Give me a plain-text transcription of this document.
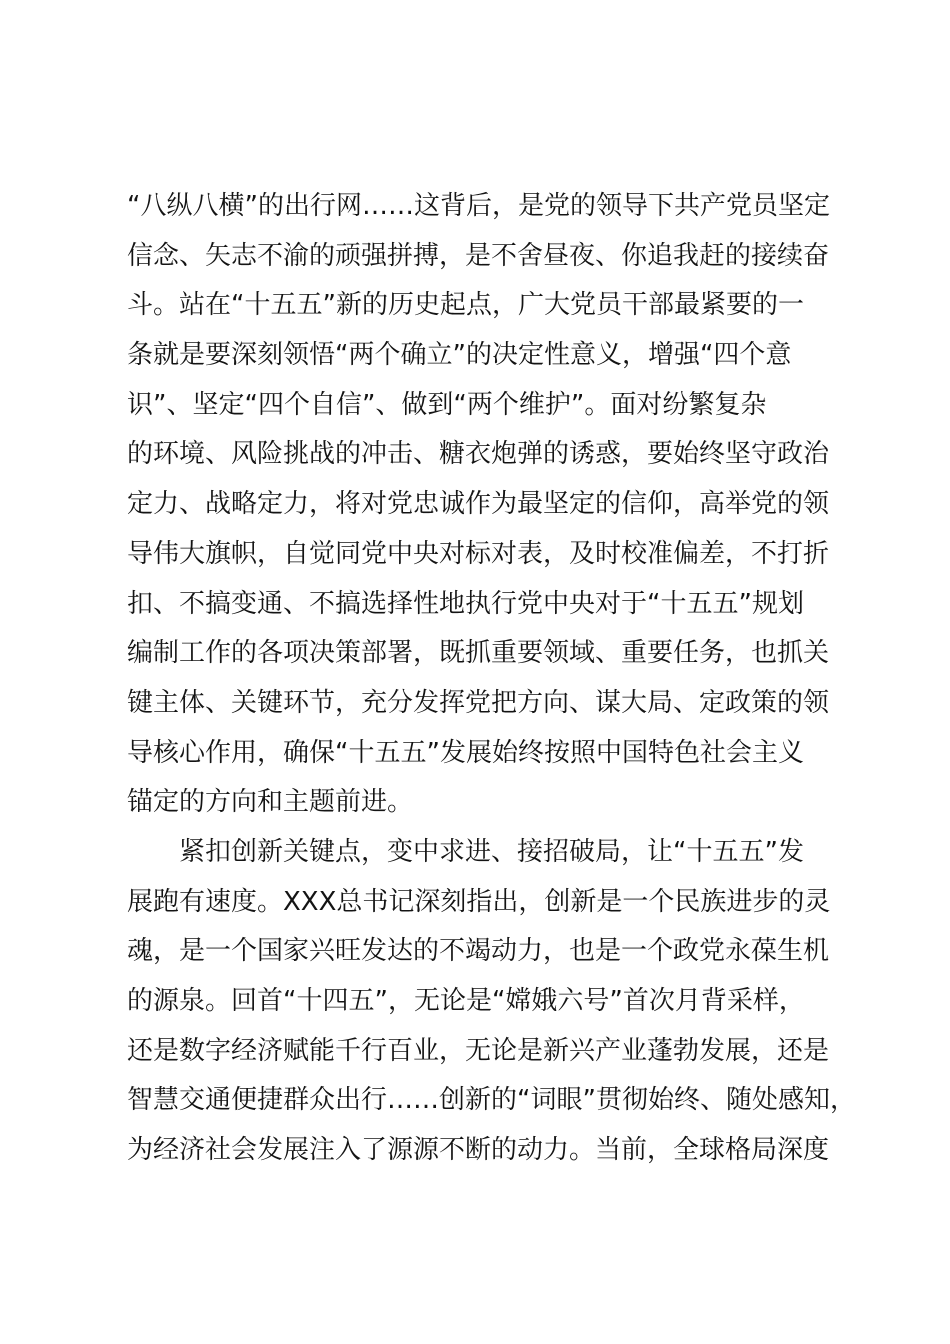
“八纵八横”的出行网……这背后，是党的领导下共产党员坚定
信念、矢志不渝的顽强拼搏，是不舍昼夜、你追我赶的接续奋
斗。站在“十五五”新的历史起点，广大党员干部最紧要的一
条就是要深刻领悟“两个确立”的决定性意义，增强“四个意
识”、坚定“四个自信”、做到“两个维护”。面对纷繁复杂
的环境、风险挑战的冲击、糖衣炮弹的诱惑，要始终坚守政治
定力、战略定力，将对党忠诚作为最坚定的信仰，高举党的领
导伟大旗帜，自觉同党中央对标对表，及时校准偏差，不打折
扣、不搞变通、不搞选择性地执行党中央对于“十五五”规划
编制工作的各项决策部署，既抓重要领域、重要任务，也抓关
键主体、关键环节，充分发挥党把方向、谋大局、定政策的领
导核心作用，确保“十五五”发展始终按照中国特色社会主义
锚定的方向和主题前进。
紧扣创新关键点，变中求进、接招破局，让“十五五”发
展跑有速度。XXX总书记深刻指出，创新是一个民族进步的灵
魂，是一个国家兴旺发达的不竭动力，也是一个政党永葆生机
的源泉。回首“十四五”，无论是“嫦娥六号”首次月背采样，
还是数字经济赋能千行百业，无论是新兴产业蓬勃发展，还是
智慧交通便捷群众出行……创新的“词眼”贯彻始终、随处感知，
为经济社会发展注入了源源不断的动力。当前，全球格局深度
